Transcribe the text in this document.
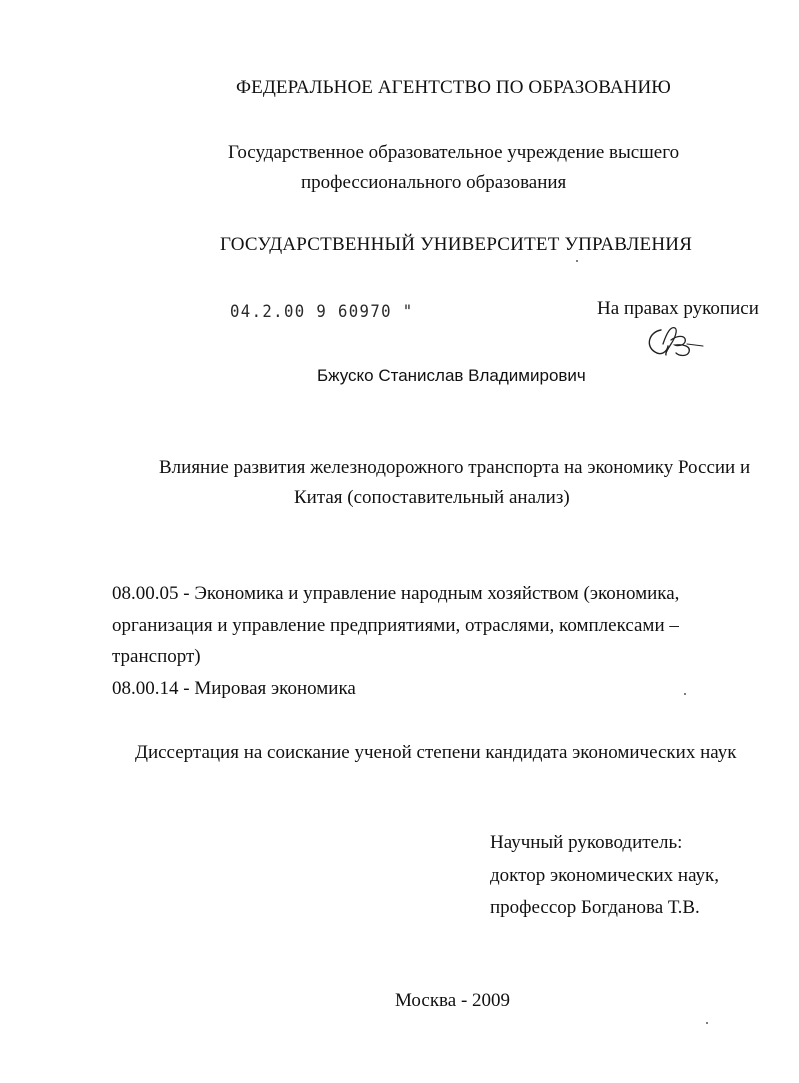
ФЕДЕРАЛЬНОЕ АГЕНТСТВО ПО ОБРАЗОВАНИЮ
Государственное образовательное учреждение высшего
профессионального образования
ГОСУДАРСТВЕННЫЙ УНИВЕРСИТЕТ УПРАВЛЕНИЯ
04.2.00 9 60970 "	На правах рукописи
Бжуско Станислав Владимирович
Влияние развития железнодорожного транспорта на экономику России и
Китая (сопоставительный анализ)
08.00.05 - Экономика и управление народным хозяйством (экономика,
организация и управление предприятиями, отраслями, комплексами –
транспорт)
08.00.14 - Мировая экономика
Диссертация на соискание ученой степени кандидата экономических наук
Научный руководитель:
доктор экономических наук,
профессор Богданова Т.В.
Москва - 2009
